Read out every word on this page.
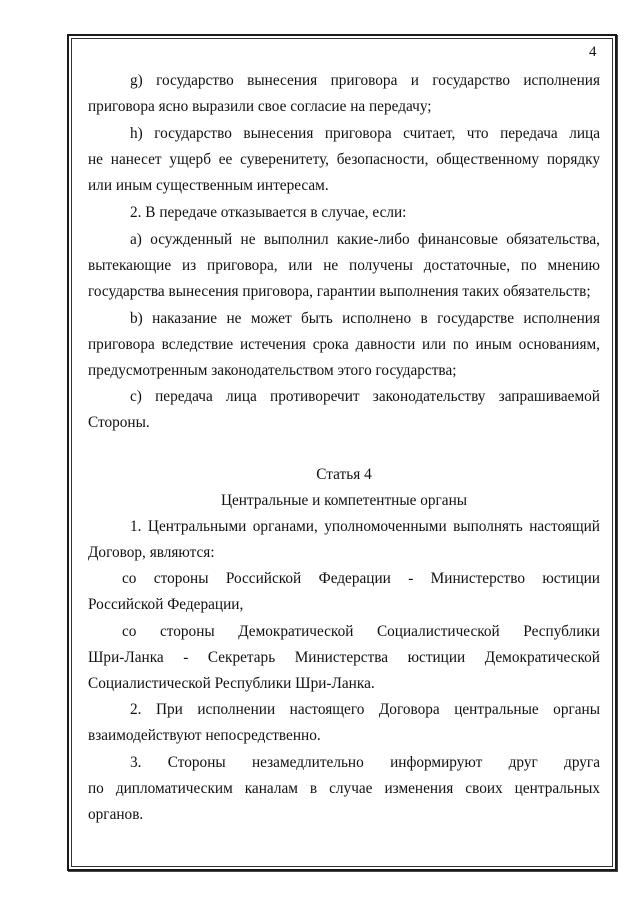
4
g) государство вынесения приговора и государство исполнения
приговора ясно выразили свое согласие на передачу;
h) государство вынесения приговора считает, что передача лица
не нанесет ущерб ее суверенитету, безопасности, общественному порядку
или иным существенным интересам.
2. В передаче отказывается в случае, если:
а) осужденный не выполнил какие-либо финансовые обязательства,
вытекающие из приговора, или не получены достаточные, по мнению
государства вынесения приговора, гарантии выполнения таких обязательств;
b) наказание не может быть исполнено в государстве исполнения
приговора вследствие истечения срока давности или по иным основаниям,
предусмотренным законодательством этого государства;
с) передача лица противоречит законодательству запрашиваемой
Стороны.
Статья 4
Центральные и компетентные органы
1. Центральными органами, уполномоченными выполнять настоящий
Договор, являются:
со стороны Российской Федерации - Министерство юстиции
Российской Федерации,
со стороны Демократической Социалистической Республики
Шри-Ланка - Секретарь Министерства юстиции Демократической
Социалистической Республики Шри-Ланка.
2. При исполнении настоящего Договора центральные органы
взаимодействуют непосредственно.
3. Стороны незамедлительно информируют друг друга
по дипломатическим каналам в случае изменения своих центральных
органов.
